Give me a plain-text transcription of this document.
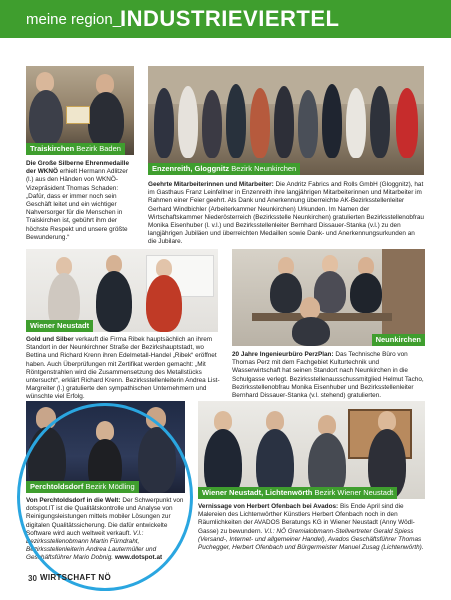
meine region_
INDUSTRIEVIERTEL
Traiskirchen Bezirk Baden
Die Große Silberne Ehrenmedaille der WKNÖ erhielt Hermann Adlitzer (l.) aus den Händen von WKNÖ-Vizepräsident Thomas Schaden: „Dafür, dass er immer noch sein Geschäft leitet und ein wichtiger Nahversorger für die Menschen in Traiskirchen ist, gebührt ihm der höchste Respekt und unsere größte Bewunderung.“
Enzenreith, Gloggnitz Bezirk Neunkirchen
Geehrte Mitarbeiterinnen und Mitarbeiter: Die Andritz Fabrics and Rolls GmbH (Gloggnitz), hat im Gasthaus Franz Leinfellner in Enzenreith ihre langjährigen Mitarbeiterinnen und Mitarbeiter im Rahmen einer Feier geehrt. Als Dank und Anerkennung überreichte AK-Bezirksstellenleiter Gerhard Windbichler (Arbeiterkammer Neunkirchen) Urkunden. Im Namen der Wirtschaftskammer Niederösterreich (Bezirksstelle Neunkirchen) gratulierten Bezirksstellenobfrau Monika Eisenhuber (l. v.l.) und Bezirksstellenleiter Bernhard Dissauer-Stanka (v.l.) zu den langjährigen Jubiläen und überreichten Medaillen sowie Dank- und Anerkennungsurkunden an die Jubilare.
Wiener Neustadt
Gold und Silber verkauft die Firma Ribek hauptsächlich an ihrem Standort in der Neunkirchner Straße der Bezirkshauptstadt, wo Bettina und Richard Krenn ihren Edelmetall-Handel „Ribek“ eröffnet haben. Auch Überprüfungen mit Zertifikat werden gemacht: „Mit Röntgenstrahlen wird die Zusammensetzung des Metallstücks untersucht“, erklärt Richard Krenn. Bezirksstellenleiterin Andrea List-Margreiter (l.) gratulierte den sympathischen Unternehmern und wünschte viel Erfolg.
Neunkirchen
20 Jahre Ingenieurbüro PerzPlan: Das Technische Büro von Thomas Perz mit dem Fachgebiet Kulturtechnik und Wasserwirtschaft hat seinen Standort nach Neunkirchen in die Schulgasse verlegt. Bezirksstellenausschussmitglied Helmut Tacho, Bezirksstellenobfrau Monika Eisenhuber und Bezirksstellenleiter Bernhard Dissauer-Stanka (v.l. stehend) gratulierten.
Perchtoldsdorf Bezirk Mödling
Von Perchtoldsdorf in die Welt: Der Schwerpunkt von dotspot.IT ist die Qualitätskontrolle und Analyse von Reinigungsleistungen mittels mobiler Lösungen zur digitalen Qualitätssicherung. Die dafür entwickelte Software wird auch weltweit verkauft. V.l.: Bezirksstellenobmann Martin Fürndraht, Bezirksstellenleiterin Andrea Lautermüller und Geschäftsführer Mario Dobnig. www.dotspot.at
Wiener Neustadt, Lichtenwörth Bezirk Wiener Neustadt
Vernissage von Herbert Ofenbach bei Avados: Bis Ende April sind die Malereien des Lichtenwörther Künstlers Herbert Ofenbach noch in den Räumlichkeiten der AVADOS Beratungs KG in Wiener Neustadt (Anny Wödl-Gasse) zu bewundern. V.l.: NÖ Gremialobmann-Stellvertreter Gerald Spiess (Versand-, Internet- und allgemeiner Handel), Avados Geschäftsführer Thomas Puchegger, Herbert Ofenbach und Bürgermeister Manuel Zusag (Lichtenwörth).
30 WIRTSCHAFT NÖ
